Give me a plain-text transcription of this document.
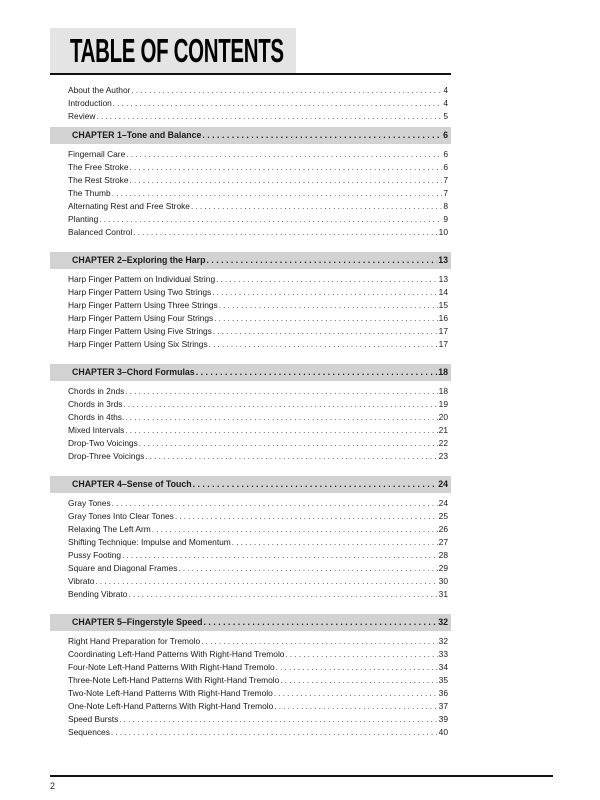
TABLE OF CONTENTS
About the Author . . .	4
Introduction . . .	4
Review . . .	5
CHAPTER 1–Tone and Balance . . .	6
Fingernail Care . . .	6
The Free Stroke . . .	6
The Rest Stroke . . .	7
The Thumb . . .	7
Alternating Rest and Free Stroke . . .	8
Planting . . .	9
Balanced Control . . .	10
CHAPTER 2–Exploring the Harp . . .	13
Harp Finger Pattern on Individual String . . .	13
Harp Finger Pattern Using Two Strings . . .	14
Harp Finger Pattern Using Three Strings . . .	15
Harp Finger Pattern Using Four Strings . . .	16
Harp Finger Pattern Using Five Strings . . .	17
Harp Finger Pattern Using Six Strings . . .	17
CHAPTER 3–Chord Formulas . . .	18
Chords in 2nds . . .	18
Chords in 3rds . . .	19
Chords in 4ths. . . .	20
Mixed Intervals . . .	21
Drop-Two Voicings . . .	22
Drop-Three Voicings . . .	23
CHAPTER 4–Sense of Touch . . .	24
Gray Tones . . .	24
Gray Tones Into Clear Tones . . .	25
Relaxing The Left Arm . . .	26
Shifting Technique: Impulse and Momentum . . .	27
Pussy Footing . . .	28
Square and Diagonal Frames . . .	29
Vibrato . . .	30
Bending Vibrato . . .	31
CHAPTER 5–Fingerstyle Speed . . .	32
Right Hand Preparation for Tremolo . . .	32
Coordinating Left-Hand Patterns With Right-Hand Tremolo . . .	33
Four-Note Left-Hand Patterns With Right-Hand Tremolo . . .	34
Three-Note Left-Hand Patterns With Right-Hand Tremolo . . .	35
Two-Note Left-Hand Patterns With Right-Hand Tremolo . . .	36
One-Note Left-Hand Patterns With Right-Hand Tremolo . . .	37
Speed Bursts . . .	39
Sequences . . .	40
2
